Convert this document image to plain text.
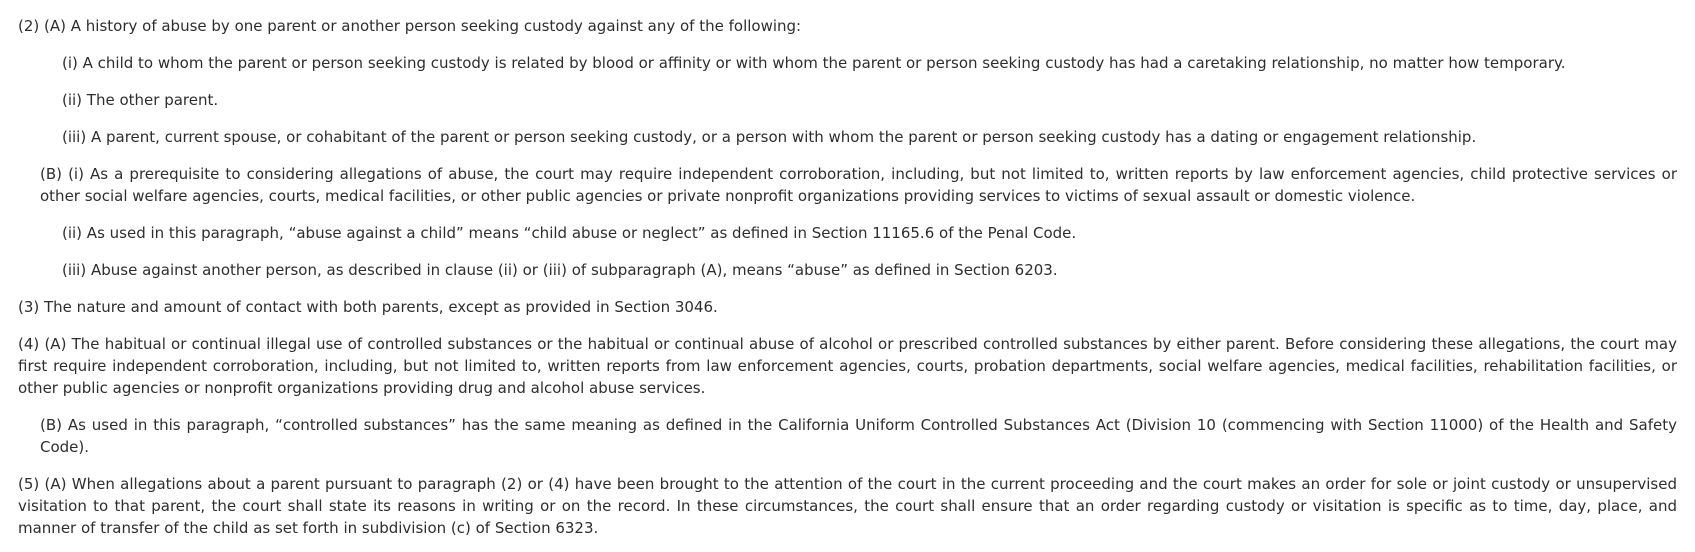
(2) (A) A history of abuse by one parent or another person seeking custody against any of the following:

(i) A child to whom the parent or person seeking custody is related by blood or affinity or with whom the parent or person seeking custody has had a caretaking relationship, no matter how temporary.

(ii) The other parent.

(iii) A parent, current spouse, or cohabitant of the parent or person seeking custody, or a person with whom the parent or person seeking custody has a dating or engagement relationship.

(B) (i) As a prerequisite to considering allegations of abuse, the court may require independent corroboration, including, but not limited to, written reports by law enforcement agencies, child protective services or other social welfare agencies, courts, medical facilities, or other public agencies or private nonprofit organizations providing services to victims of sexual assault or domestic violence.

(ii) As used in this paragraph, “abuse against a child” means “child abuse or neglect” as defined in Section 11165.6 of the Penal Code.

(iii) Abuse against another person, as described in clause (ii) or (iii) of subparagraph (A), means “abuse” as defined in Section 6203.

(3) The nature and amount of contact with both parents, except as provided in Section 3046.

(4) (A) The habitual or continual illegal use of controlled substances or the habitual or continual abuse of alcohol or prescribed controlled substances by either parent. Before considering these allegations, the court may first require independent corroboration, including, but not limited to, written reports from law enforcement agencies, courts, probation departments, social welfare agencies, medical facilities, rehabilitation facilities, or other public agencies or nonprofit organizations providing drug and alcohol abuse services.

(B) As used in this paragraph, “controlled substances” has the same meaning as defined in the California Uniform Controlled Substances Act (Division 10 (commencing with Section 11000) of the Health and Safety Code).

(5) (A) When allegations about a parent pursuant to paragraph (2) or (4) have been brought to the attention of the court in the current proceeding and the court makes an order for sole or joint custody or unsupervised visitation to that parent, the court shall state its reasons in writing or on the record. In these circumstances, the court shall ensure that an order regarding custody or visitation is specific as to time, day, place, and manner of transfer of the child as set forth in subdivision (c) of Section 6323.
